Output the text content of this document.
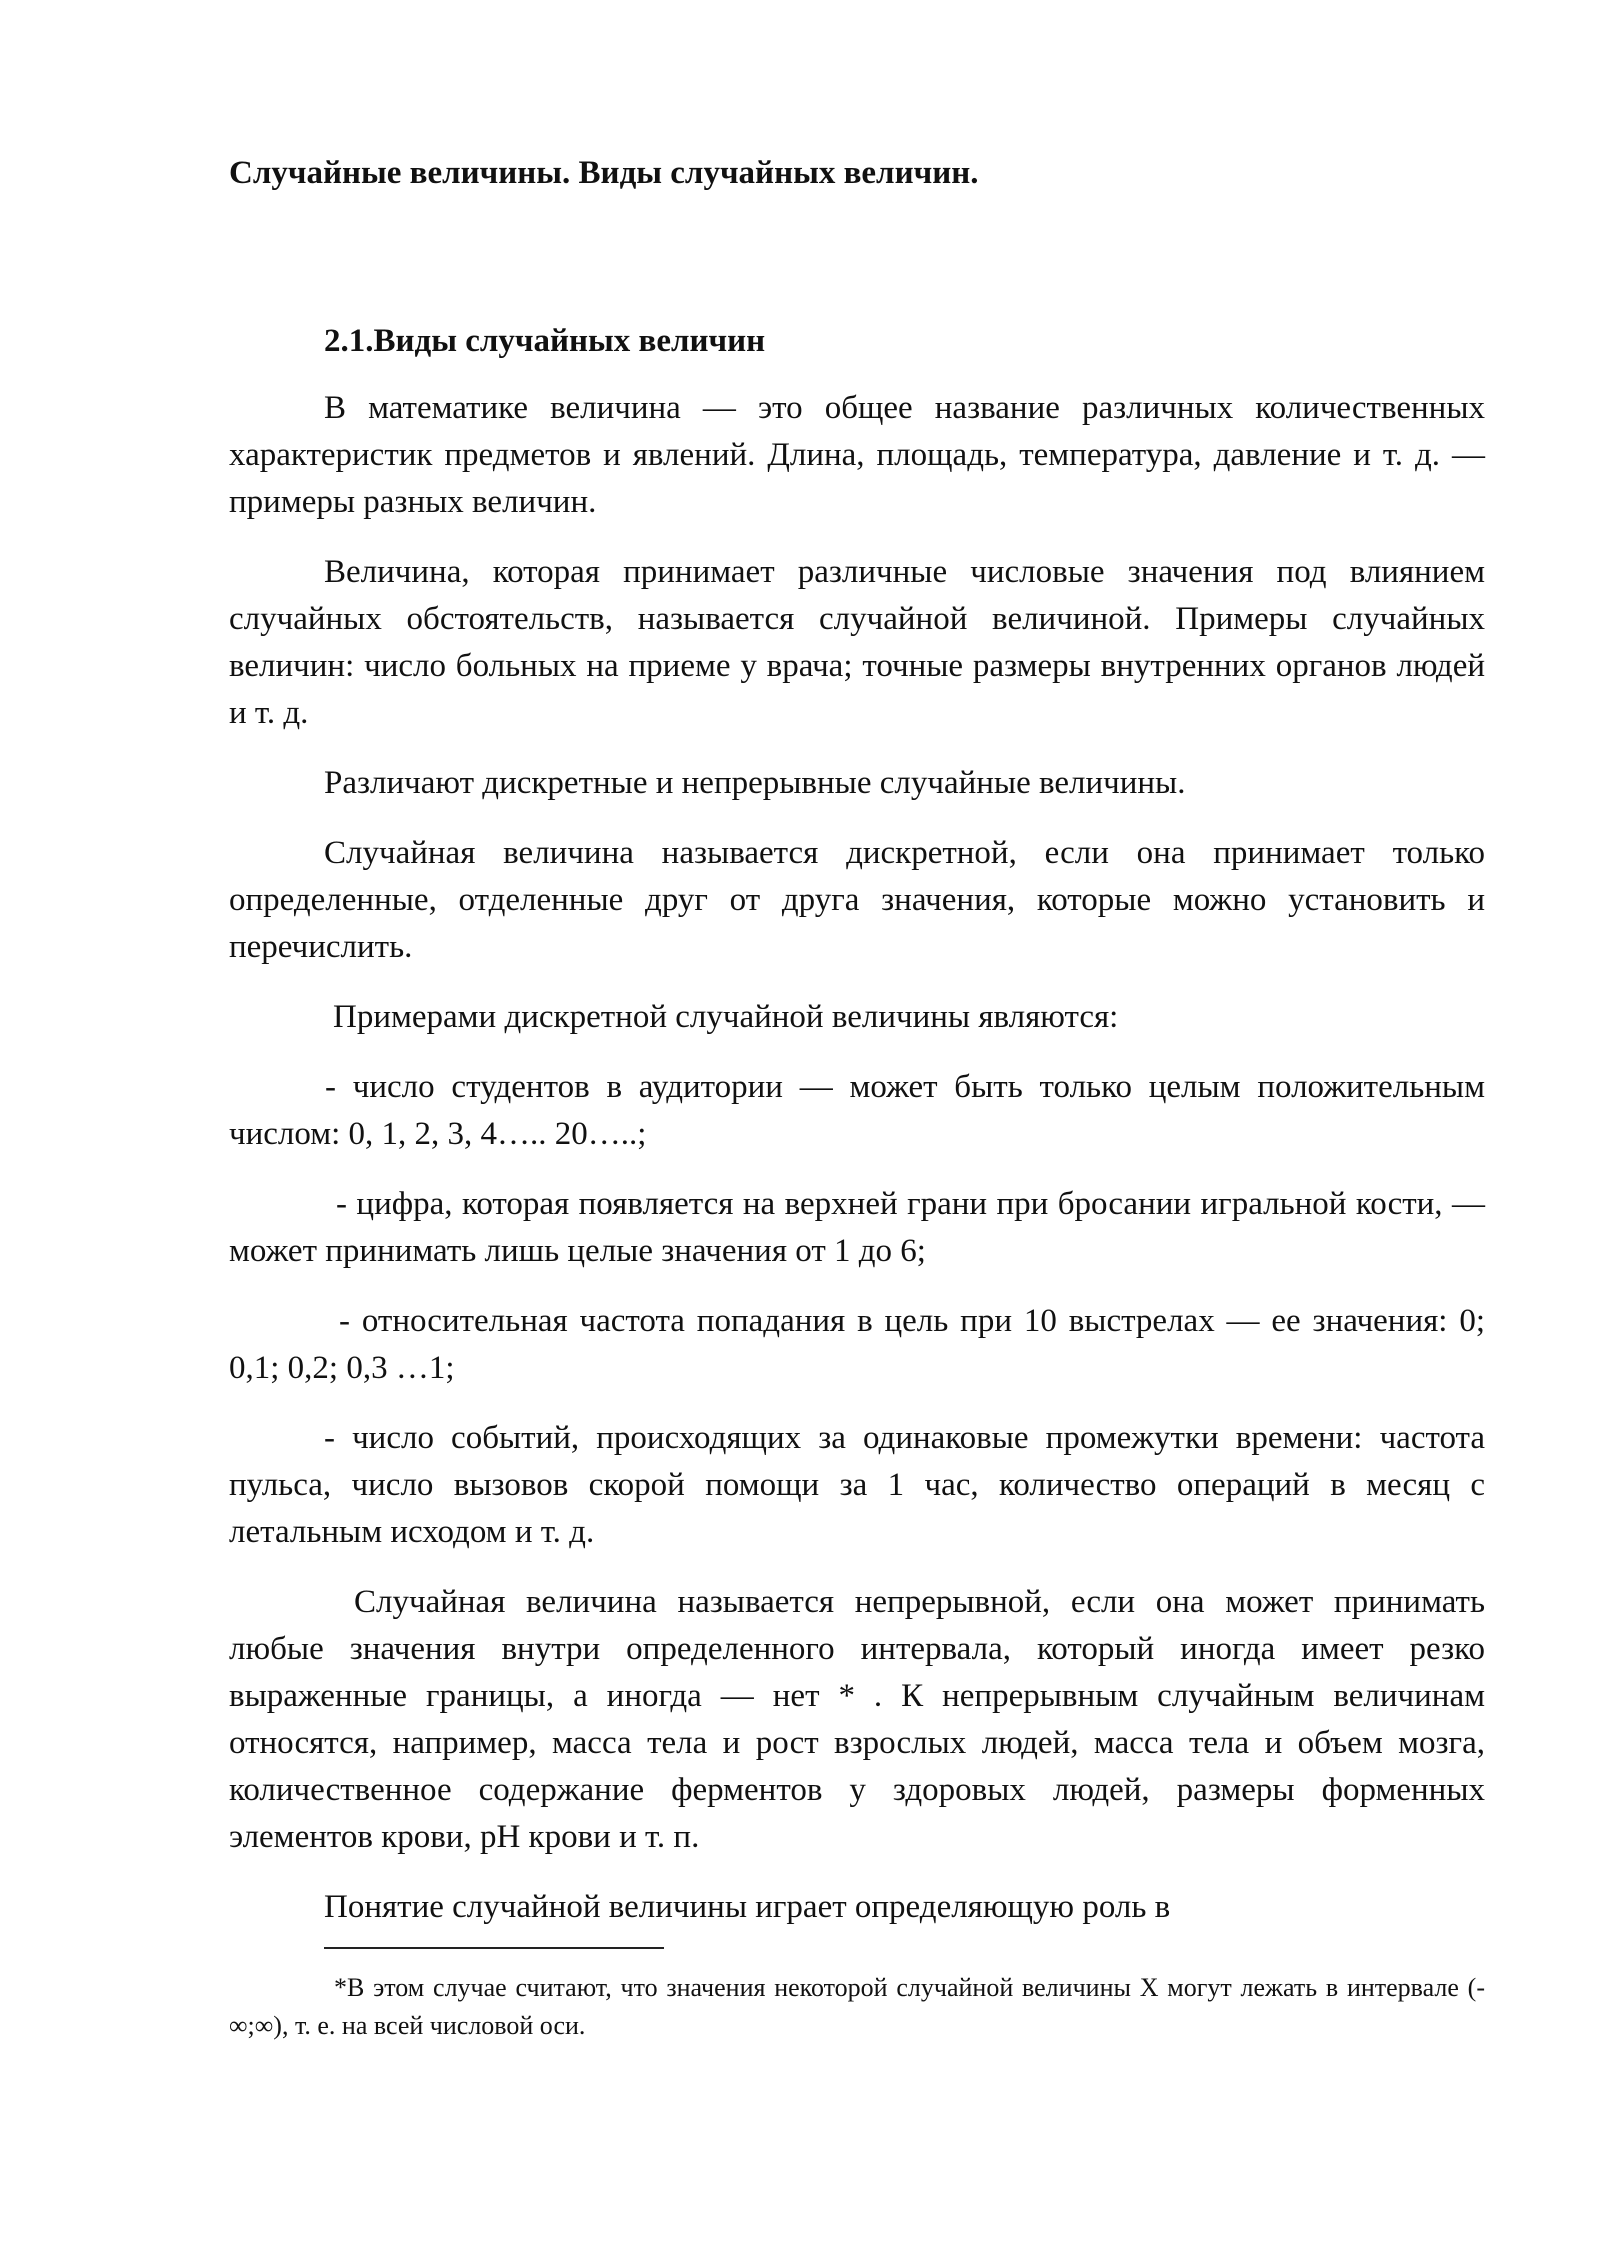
Случайные величины. Виды случайных величин.
2.1.Виды случайных величин

В математике величина — это общее название различных количественных характеристик предметов и явлений. Длина, площадь, температура, давление и т. д. — примеры разных величин.

Величина, которая принимает различные числовые значения под влиянием случайных обстоятельств, называется случайной величиной. Примеры случайных величин: число больных на приеме у врача; точные размеры внутренних органов людей и т. д.

Различают дискретные и непрерывные случайные величины.

Случайная величина называется дискретной, если она принимает только определенные, отделенные друг от друга значения, которые можно установить и перечислить.

Примерами дискретной случайной величины являются:

- число студентов в аудитории — может быть только целым положительным числом: 0, 1, 2, 3, 4….. 20…..;

- цифра, которая появляется на верхней грани при бросании игральной кости, — может принимать лишь целые значения от 1 до 6;

- относительная частота попадания в цель при 10 выстрелах — ее значения: 0; 0,1; 0,2; 0,3 …1;

- число событий, происходящих за одинаковые промежутки времени: частота пульса, число вызовов скорой помощи за 1 час, количество операций в месяц с летальным исходом и т. д.

Случайная величина называется непрерывной, если она может принимать любые значения внутри определенного интервала, который иногда имеет резко выраженные границы, а иногда — нет * . К непрерывным случайным величинам относятся, например, масса тела и рост взрослых людей, масса тела и объем мозга, количественное содержание ферментов у здоровых людей, размеры форменных элементов крови, pH крови и т. п.

Понятие случайной величины играет определяющую роль в

*В этом случае считают, что значения некоторой случайной величины X могут лежать в интервале (-∞;∞), т. е. на всей числовой оси.
